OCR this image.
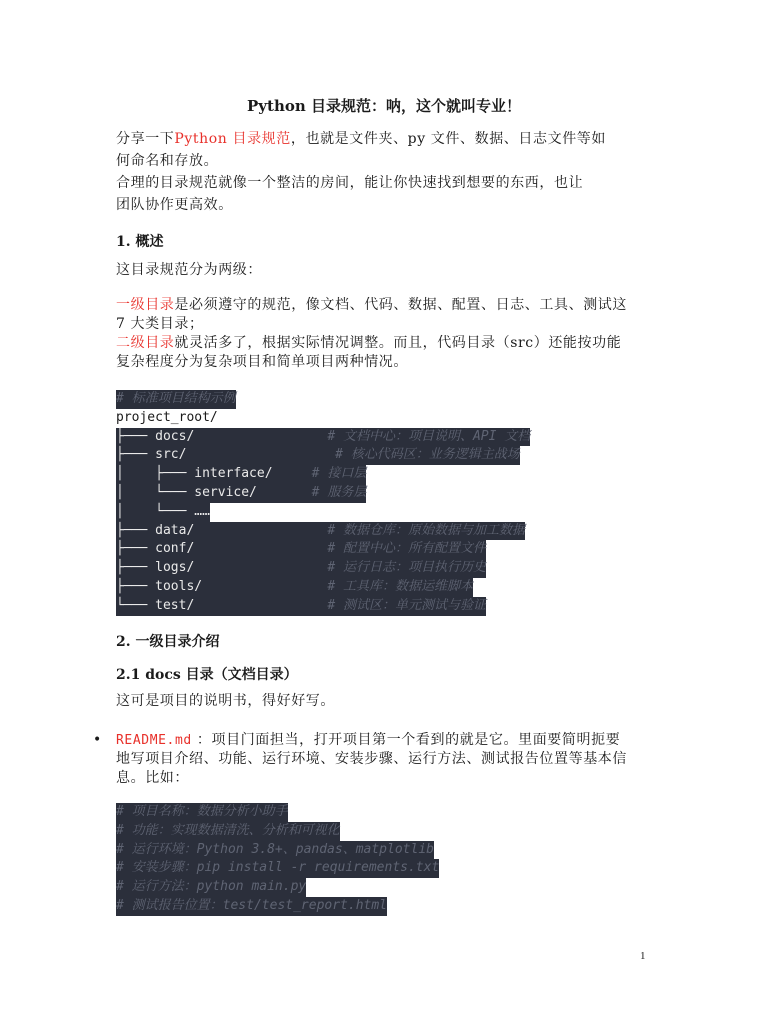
Python 目录规范：呐，这个就叫专业！
分享一下Python 目录规范，也就是文件夹、py 文件、数据、日志文件等如
何命名和存放。
合理的目录规范就像一个整洁的房间，能让你快速找到想要的东西，也让
团队协作更高效。
1. 概述
这目录规范分为两级：
一级目录是必须遵守的规范，像文档、代码、数据、配置、日志、工具、测试这
7 大类目录；
二级目录就灵活多了，根据实际情况调整。而且，代码目录（src）还能按功能
复杂程度分为复杂项目和简单项目两种情况。
# 标准项目结构示例
project_root/
├─── docs/                 # 文档中心：项目说明、API 文档
├─── src/                   # 核心代码区：业务逻辑主战场
│    ├─── interface/     # 接口层
│    └─── service/       # 服务层
│    └─── ……
├─── data/                 # 数据仓库：原始数据与加工数据
├─── conf/                 # 配置中心：所有配置文件
├─── logs/                 # 运行日志：项目执行历史
├─── tools/                # 工具库：数据运维脚本
└─── test/                 # 测试区：单元测试与验证
2. 一级目录介绍
2.1 docs 目录（文档目录）
这可是项目的说明书，得好好写。
• README.md ：项目门面担当，打开项目第一个看到的就是它。里面要简明扼要
地写项目介绍、功能、运行环境、安装步骤、运行方法、测试报告位置等基本信
息。比如：
# 项目名称：数据分析小助手
# 功能：实现数据清洗、分析和可视化
# 运行环境：Python 3.8+、pandas、matplotlib
# 安装步骤：pip install -r requirements.txt
# 运行方法：python main.py
# 测试报告位置：test/test_report.html
1
